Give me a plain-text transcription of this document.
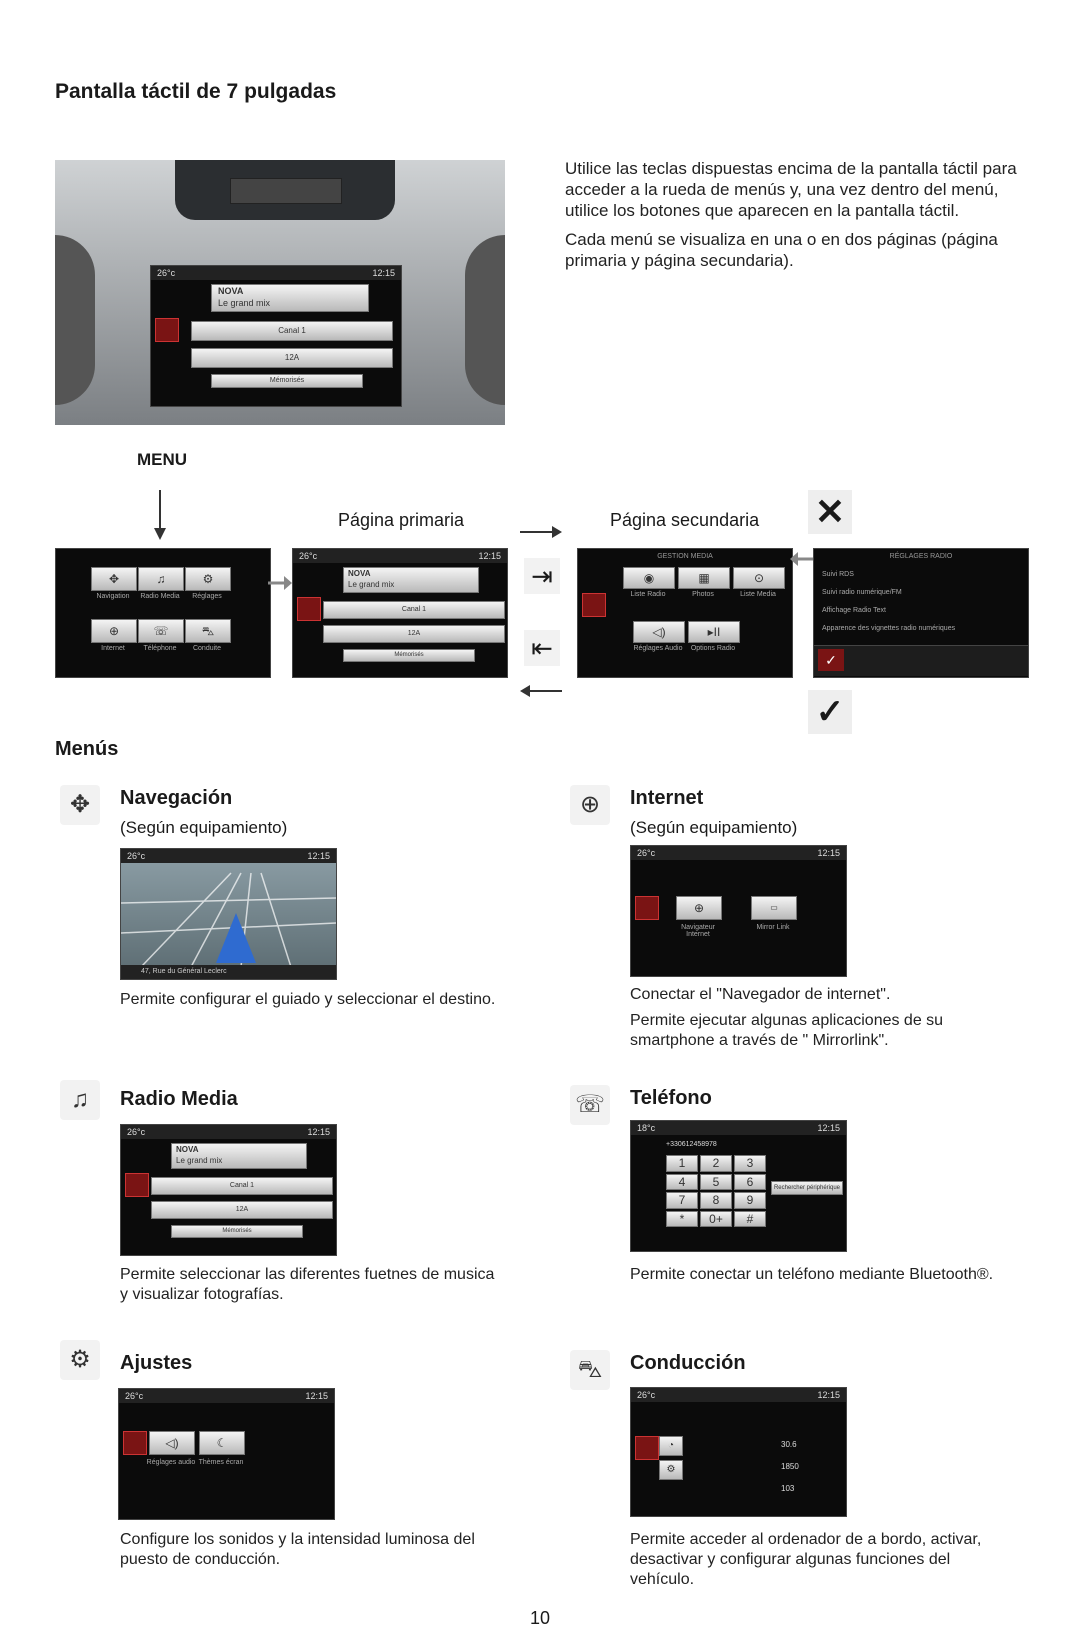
Pantalla táctil de 7 pulgadas
26°c	12:15
NOVA
Le grand mix
Canal 1
12A
Mémorisés

Utilice las teclas dispuestas encima de la pantalla táctil para acceder a la rueda de menús y, una vez dentro del menú, utilice los botones que aparecen en la pantalla táctil.

Cada menú se visualiza en una o en dos páginas (página primaria y página secundaria).

MENU
Página primaria	Página secundaria ✕
✥	♫	⚙
Navigation	Radio Media	Réglages
⊕	☏	⛍
Internet	Téléphone	Conduite
26°c	12:15
NOVA
Le grand mix
Canal 1
12A
Mémorisés
⇥
⇤
GESTION MEDIA
◉	▦	⊙
Liste Radio	Photos	Liste Media
◁)	▸II
Réglages Audio	Options Radio
RÉGLAGES RADIO
Suivi RDS
Suivi radio numérique/FM
Affichage Radio Text
Apparence des vignettes radio numériques
✓
✓
Menús
✥	Navegación
(Según equipamiento)
26°c	12:15
47, Rue du Général Leclerc

Permite configurar el guiado y seleccionar el destino.

⊕	Internet
(Según equipamiento)
26°c	12:15
⊕	▭
Navigateur Internet
Mirror Link

Conectar el "Navegador de internet".

Permite ejecutar algunas aplicaciones de su smartphone a través de " Mirrorlink".

♫	Radio Media
26°c	12:15
NOVA
Le grand mix
Canal 1
12A
Mémorisés

Permite seleccionar las diferentes fuetnes de musica y visualizar fotografías.

☏ Teléfono
18°c	12:15
+330612458978
1	2	3
4	5	6
7	8	9
*	0+	#
Rechercher périphérique

Permite conectar un teléfono mediante Bluetooth®.

⚙	Ajustes
26°c	12:15
◁)	☾
Réglages audio Thèmes écran

Configure los sonidos y la intensidad luminosa del puesto de conducción.

⛍	Conducción
26°c	12:15
◔
⚙
30.6
1850
103

Permite acceder al ordenador de a bordo, activar, desactivar y configurar algunas funciones del vehículo.

10
